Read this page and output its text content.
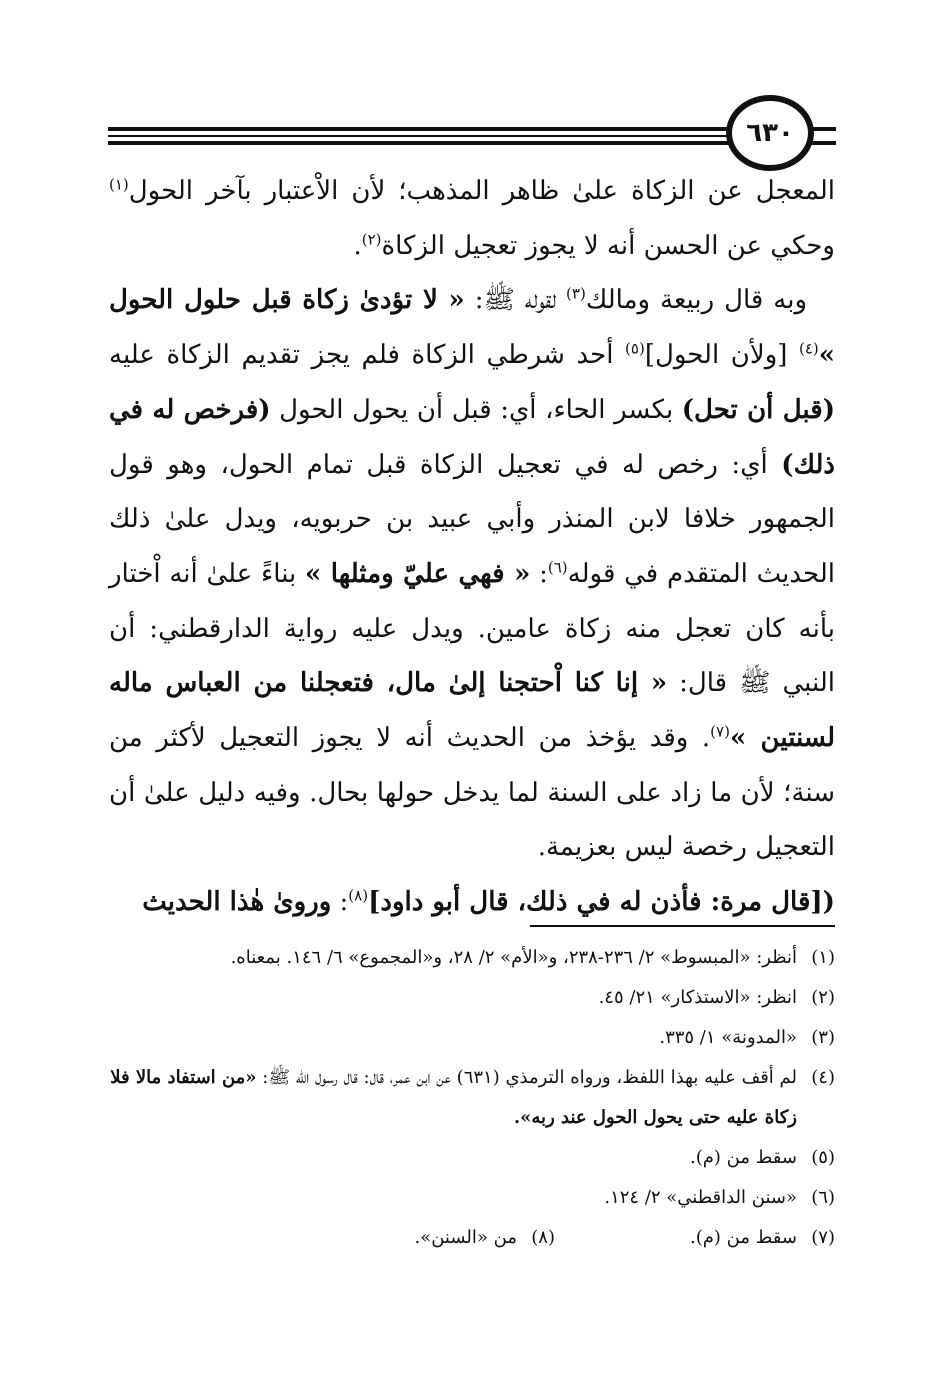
٦٣٠

المعجل عن الزكاة علىٰ ظاهر المذهب؛ لأن الاْعتبار بآخر الحول$^{(١)}$ وحكي عن الحسن أنه لا يجوز تعجيل الزكاة$^{(٢)}$.

وبه قال ربيعة ومالك$^{(٣)}$ لقوله ﷺ: « لا تؤدىٰ زكاة قبل حلول الحول »$^{(٤)}$ [ولأن الحول]$^{(٥)}$ أحد شرطي الزكاة فلم يجز تقديم الزكاة عليه (قبل أن تحل) بكسر الحاء، أي: قبل أن يحول الحول (فرخص له في ذلك) أي: رخص له في تعجيل الزكاة قبل تمام الحول، وهو قول الجمهور خلافا لابن المنذر وأبي عبيد بن حربويه، ويدل علىٰ ذلك الحديث المتقدم في قوله$^{(٦)}$: « فهي عليّ ومثلها » بناءً علىٰ أنه اْختار بأنه كان تعجل منه زكاة عامين. ويدل عليه رواية الدارقطني: أن النبي ﷺ قال: « إنا كنا اْحتجنا إلىٰ مال، فتعجلنا من العباس ماله لسنتين »$^{(٧)}$. وقد يؤخذ من الحديث أنه لا يجوز التعجيل لأكثر من سنة؛ لأن ما زاد على السنة لما يدخل حولها بحال. وفيه دليل علىٰ أن التعجيل رخصة ليس بعزيمة.

([قال مرة: فأذن له في ذلك، قال أبو داود]$^{(٨)}$: وروىٰ هٰذا الحديث

(١)
أنظر: «المبسوط» ٢/ ٢٣٦-٢٣٨، و«الأم» ٢/ ٢٨، و«المجموع» ٦/ ١٤٦. بمعناه.
(٢)
انظر: «الاستذكار» ٢١/ ٤٥.
(٣)
«المدونة» ١/ ٣٣٥.
(٤)
لم أقف عليه بهذا اللفظ، ورواه الترمذي (٦٣١) عن ابن عمر، قال: قال رسول الله ﷺ: «من استفاد مالا فلا زكاة عليه حتى يحول الحول عند ربه».
(٥)
سقط من (م).
(٦)
«سنن الداقطني» ٢/ ١٢٤.
(٧)
سقط من (م).
(٨)
من «السنن».
